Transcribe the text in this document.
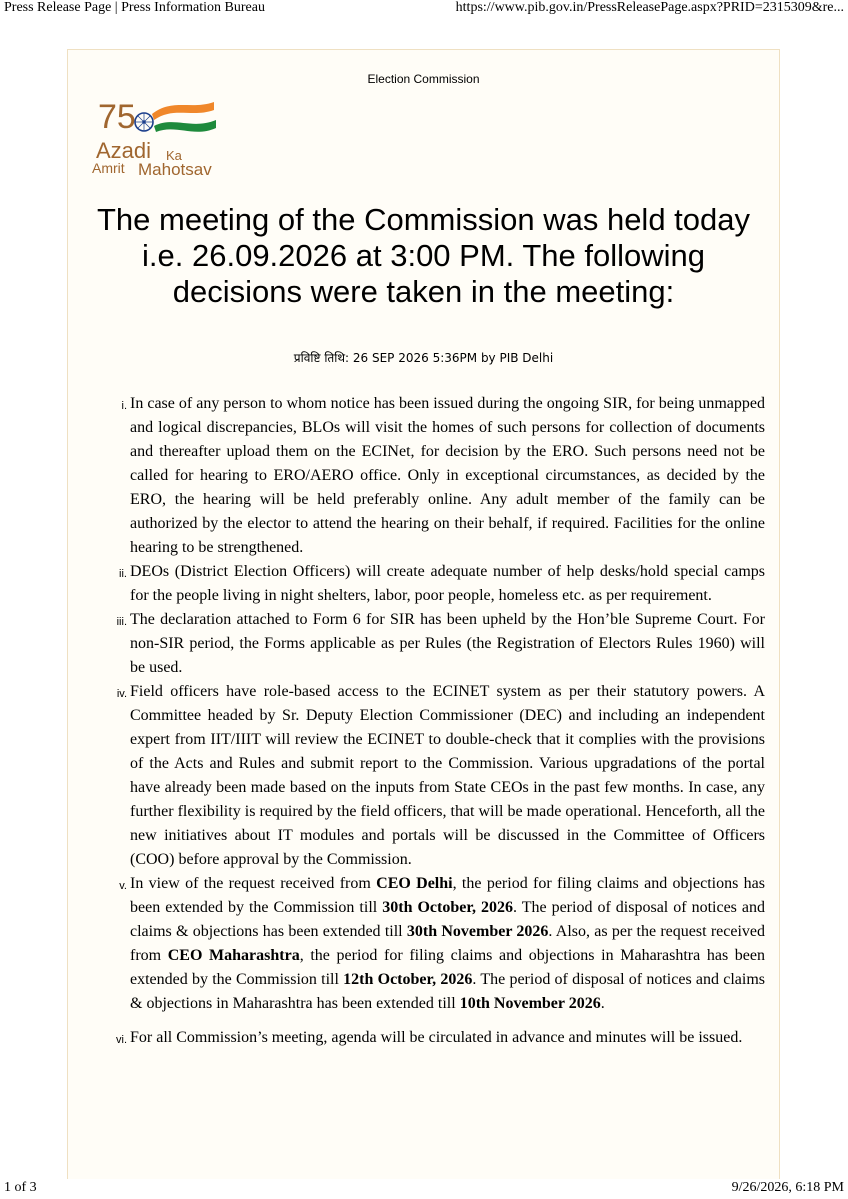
Press Release Page | Press Information Bureau	https://www.pib.gov.in/PressReleasePage.aspx?PRID=2315309&re...
Election Commission
75
Azadi Ka
Amrit Mahotsav
The meeting of the Commission was held today i.e. 26.09.2026 at 3:00 PM. The following decisions were taken in the meeting:
प्रविष्टि तिथि: 26 SEP 2026 5:36PM by PIB Delhi
i. In case of any person to whom notice has been issued during the ongoing SIR, for being unmapped and logical discrepancies, BLOs will visit the homes of such persons for collection of documents and thereafter upload them on the ECINet, for decision by the ERO. Such persons need not be called for hearing to ERO/AERO office. Only in exceptional circumstances, as decided by the ERO, the hearing will be held preferably online. Any adult member of the family can be authorized by the elector to attend the hearing on their behalf, if required. Facilities for the online hearing to be strengthened.
ii. DEOs (District Election Officers) will create adequate number of help desks/hold special camps for the people living in night shelters, labor, poor people, homeless etc. as per requirement.
iii. The declaration attached to Form 6 for SIR has been upheld by the Hon’ble Supreme Court. For non-SIR period, the Forms applicable as per Rules (the Registration of Electors Rules 1960) will be used.
iv. Field officers have role-based access to the ECINET system as per their statutory powers. A Committee headed by Sr. Deputy Election Commissioner (DEC) and including an independent expert from IIT/IIIT will review the ECINET to double-check that it complies with the provisions of the Acts and Rules and submit report to the Commission. Various upgradations of the portal have already been made based on the inputs from State CEOs in the past few months. In case, any further flexibility is required by the field officers, that will be made operational. Henceforth, all the new initiatives about IT modules and portals will be discussed in the Committee of Officers (COO) before approval by the Commission.
v. In view of the request received from CEO Delhi, the period for filing claims and objections has been extended by the Commission till 30th October, 2026. The period of disposal of notices and claims & objections has been extended till 30th November 2026. Also, as per the request received from CEO Maharashtra, the period for filing claims and objections in Maharashtra has been extended by the Commission till 12th October, 2026. The period of disposal of notices and claims & objections in Maharashtra has been extended till 10th November 2026.
vi. For all Commission’s meeting, agenda will be circulated in advance and minutes will be issued.
1 of 3	9/26/2026, 6:18 PM
